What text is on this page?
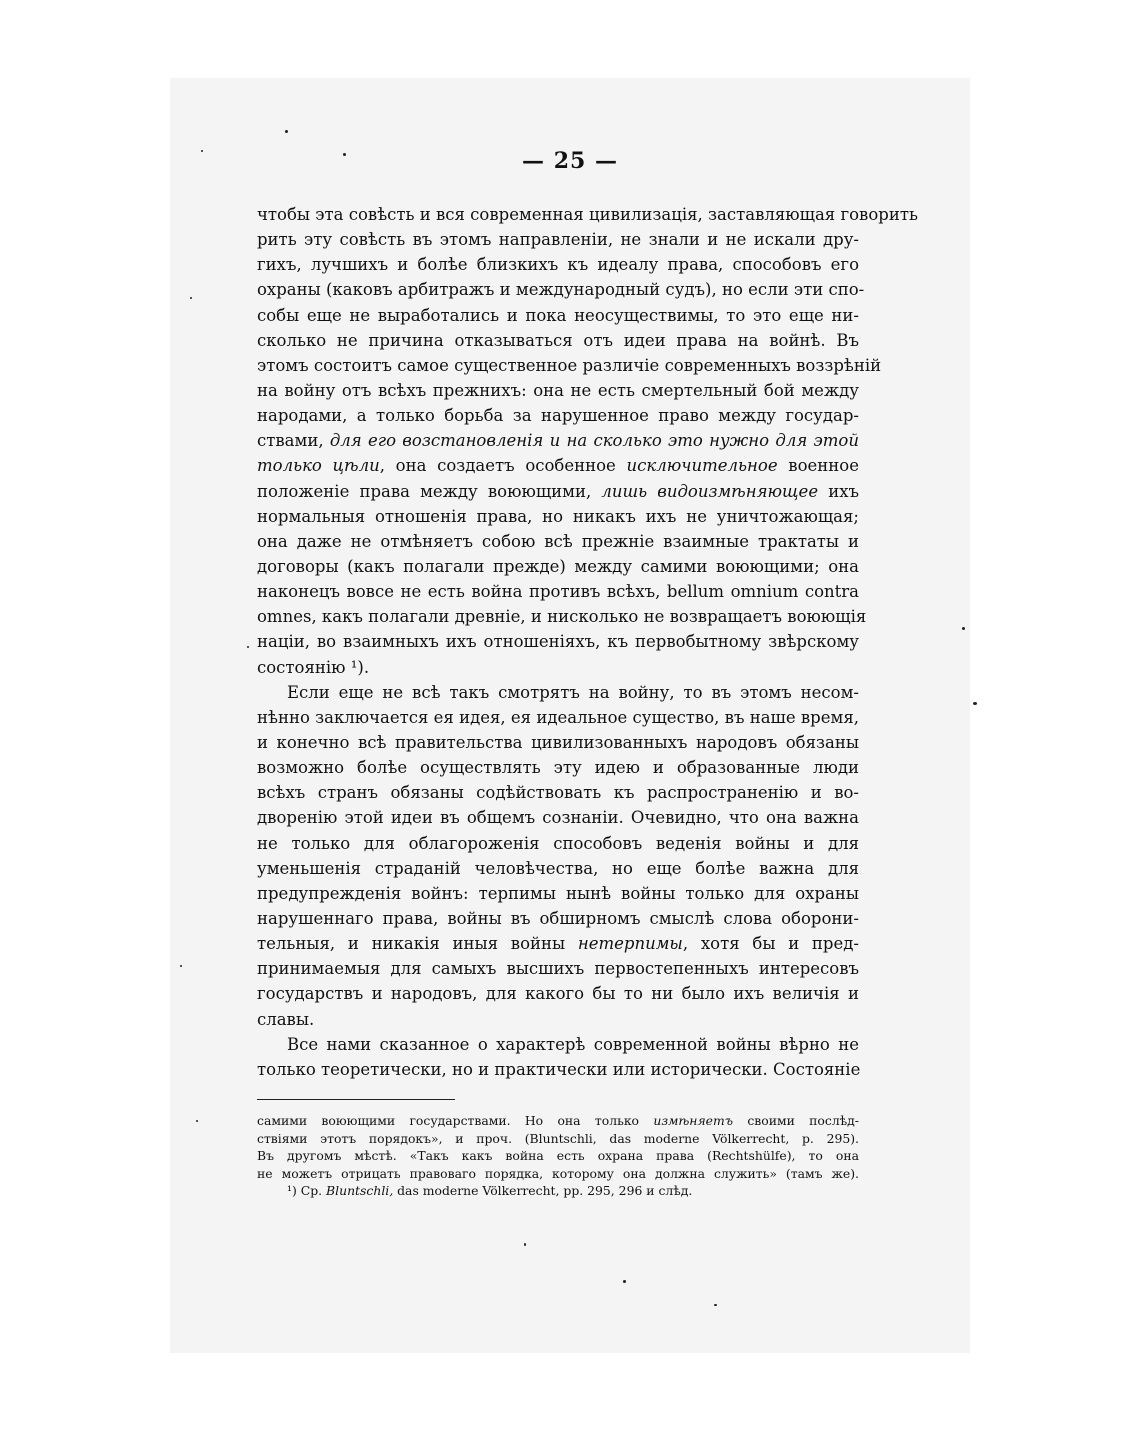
— 25 —
чтобы эта совѣсть и вся современная цивилизація, заставляющая говорить
рить эту совѣсть въ этомъ направленіи, не знали и не искали дру-
гихъ, лучшихъ и болѣе близкихъ къ идеалу права, способовъ его
охраны (каковъ арбитражъ и международный судъ), но если эти спо-
собы еще не выработались и пока неосуществимы, то это еще ни-
сколько не причина отказываться отъ идеи права на войнѣ. Въ
этомъ состоитъ самое существенное различіе современныхъ воззрѣній
на войну отъ всѣхъ прежнихъ: она не есть смертельный бой между
народами, а только борьба за нарушенное право между государ-
ствами, для его возстановленія и на сколько это нужно для этой
только цѣли, она создаетъ особенное исключительное военное
положеніе права между воюющими, лишь видоизмѣняющее ихъ
нормальныя отношенія права, но никакъ ихъ не уничтожающая;
она даже не отмѣняетъ собою всѣ прежніе взаимные трактаты и
договоры (какъ полагали прежде) между самими воюющими; она
наконецъ вовсе не есть война противъ всѣхъ, bellum omnium contra
omnes, какъ полагали древніе, и нисколько не возвращаетъ воюющія
націи, во взаимныхъ ихъ отношеніяхъ, къ первобытному звѣрскому
состоянію ¹).
Если еще не всѣ такъ смотрятъ на войну, то въ этомъ несом-
нѣнно заключается ея идея, ея идеальное существо, въ наше время,
и конечно всѣ правительства цивилизованныхъ народовъ обязаны
возможно болѣе осуществлять эту идею и образованные люди
всѣхъ странъ обязаны содѣйствовать къ распространенію и во-
двоpенію этой идеи въ общемъ сознаніи. Очевидно, что она важна
не только для облагороженія способовъ веденія войны и для
уменьшенія страданій человѣчества, но еще болѣе важна для
предупрежденія войнъ: терпимы нынѣ войны только для охраны
нарушеннаго права, войны въ обширномъ смыслѣ слова оборони-
тельныя, и никакія иныя войны нетерпимы, хотя бы и пред-
принимаемыя для самыхъ высшихъ первостепенныхъ интересовъ
государствъ и народовъ, для какого бы то ни было ихъ величія и
славы.
Все нами сказанное о характерѣ современной войны вѣрно не
только теоретически, но и практически или исторически. Состояніе
самими воюющими государствами. Но она только измѣняетъ своими послѣд-
ствіями этотъ порядокъ», и проч. (Bluntschli, das moderne Völkerrecht, p. 295).
Въ другомъ мѣстѣ. «Такъ какъ война есть охрана права (Rechtshülfe), то она
не можетъ отрицать правоваго порядка, которому она должна служить» (тамъ же).
¹) Cp. Bluntschli, das moderne Völkerrecht, pp. 295, 296 и слѣд.
